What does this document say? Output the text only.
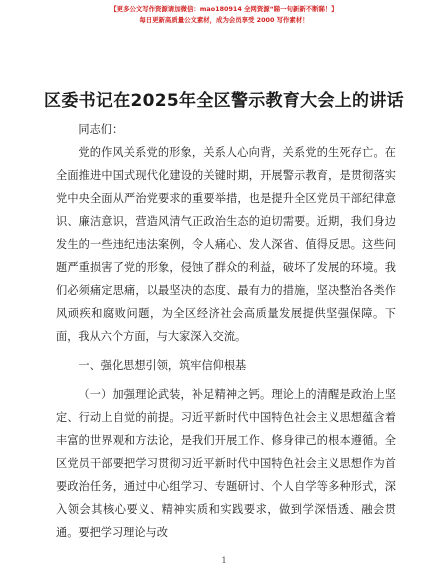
【更多公文写作资源请加微信：mao180914 全网资源“睇一句新新不断睇！】
每日更新高质量公文素材，成为会员享受 2000 写作素材！
区委书记在2025年全区警示教育大会上的讲话

同志们：

党的作风关系党的形象，关系人心向背，关系党的生死存亡。在全面推进中国式现代化建设的关键时期，开展警示教育，是贯彻落实党中央全面从严治党要求的重要举措，也是提升全区党员干部纪律意识、廉洁意识，营造风清气正政治生态的迫切需要。近期，我们身边发生的一些违纪违法案例，令人痛心、发人深省、值得反思。这些问题严重损害了党的形象，侵蚀了群众的利益，破坏了发展的环境。我们必须痛定思痛，以最坚决的态度、最有力的措施，坚决整治各类作风顽疾和腐败问题，为全区经济社会高质量发展提供坚强保障。下面，我从六个方面，与大家深入交流。

一、强化思想引领，筑牢信仰根基

（一）加强理论武装，补足精神之钙。理论上的清醒是政治上坚定、行动上自觉的前提。习近平新时代中国特色社会主义思想蕴含着丰富的世界观和方法论，是我们开展工作、修身律己的根本遵循。全区党员干部要把学习贯彻习近平新时代中国特色社会主义思想作为首要政治任务，通过中心组学习、专题研讨、个人自学等多种形式，深入领会其核心要义、精神实质和实践要求，做到学深悟透、融会贯通。要把学习理论与改

1
